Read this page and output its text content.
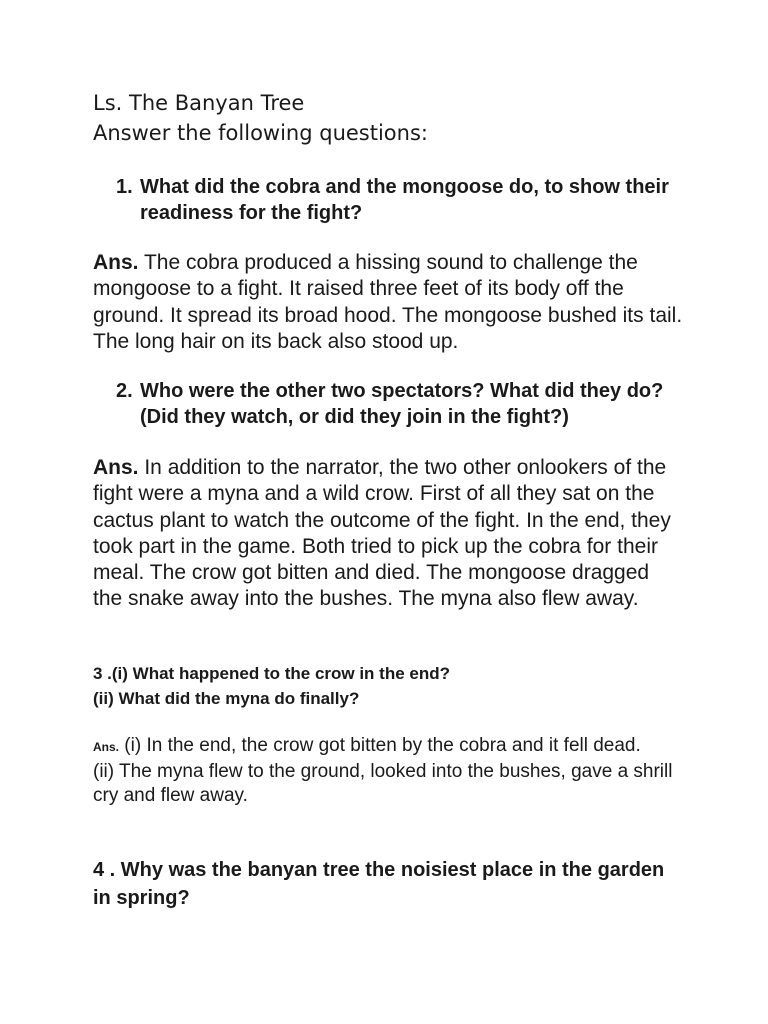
Ls. The Banyan Tree
Answer the following questions:
1. What did the cobra and the mongoose do, to show their readiness for the fight?
Ans. The cobra produced a hissing sound to challenge the mongoose to a fight. It raised three feet of its body off the ground. It spread its broad hood. The mongoose bushed its tail. The long hair on its back also stood up.
2. Who were the other two spectators? What did they do? (Did they watch, or did they join in the fight?)
Ans. In addition to the narrator, the two other onlookers of the fight were a myna and a wild crow. First of all they sat on the cactus plant to watch the outcome of the fight. In the end, they took part in the game. Both tried to pick up the cobra for their meal. The crow got bitten and died. The mongoose dragged the snake away into the bushes. The myna also flew away.
3 .(i) What happened to the crow in the end?
(ii) What did the myna do finally?
Ans. (i) In the end, the crow got bitten by the cobra and it fell dead.
(ii) The myna flew to the ground, looked into the bushes, gave a shrill cry and flew away.
4 . Why was the banyan tree the noisiest place in the garden in spring?
